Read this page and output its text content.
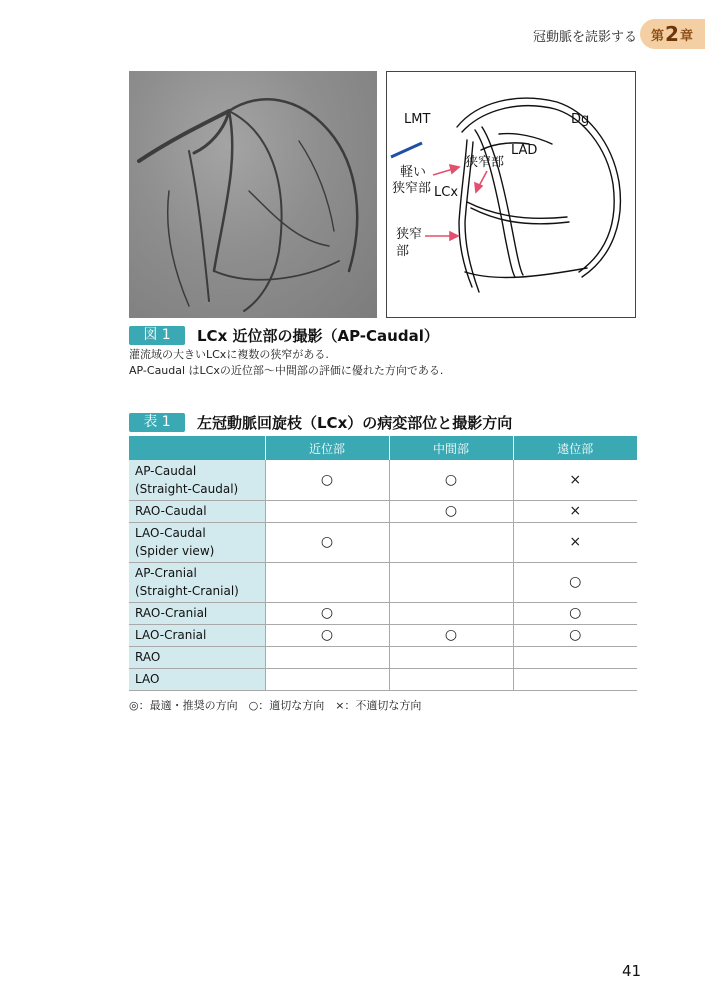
冠動脈を読影する 第 2 章
LMT	Dg
LAD
軽い
狭窄部 LCx
狭窄部
狭窄
部
図 1	LCx 近位部の撮影（AP-Caudal）
灌流域の大きいLCxに複数の狭窄がある.
AP-Caudal はLCxの近位部～中間部の評価に優れた方向である.
表 1	左冠動脈回旋枝（LCx）の病変部位と撮影方向
	近位部	中間部	遠位部
AP-Caudal
(Straight-Caudal)	○	○	×
RAO-Caudal		○	×
LAO-Caudal
(Spider view)	○		×
AP-Cranial
(Straight-Cranial)			○
RAO-Cranial	○		○
LAO-Cranial	○	○	○
RAO			
LAO			
◎：最適・推奨の方向　○：適切な方向　×：不適切な方向
41
